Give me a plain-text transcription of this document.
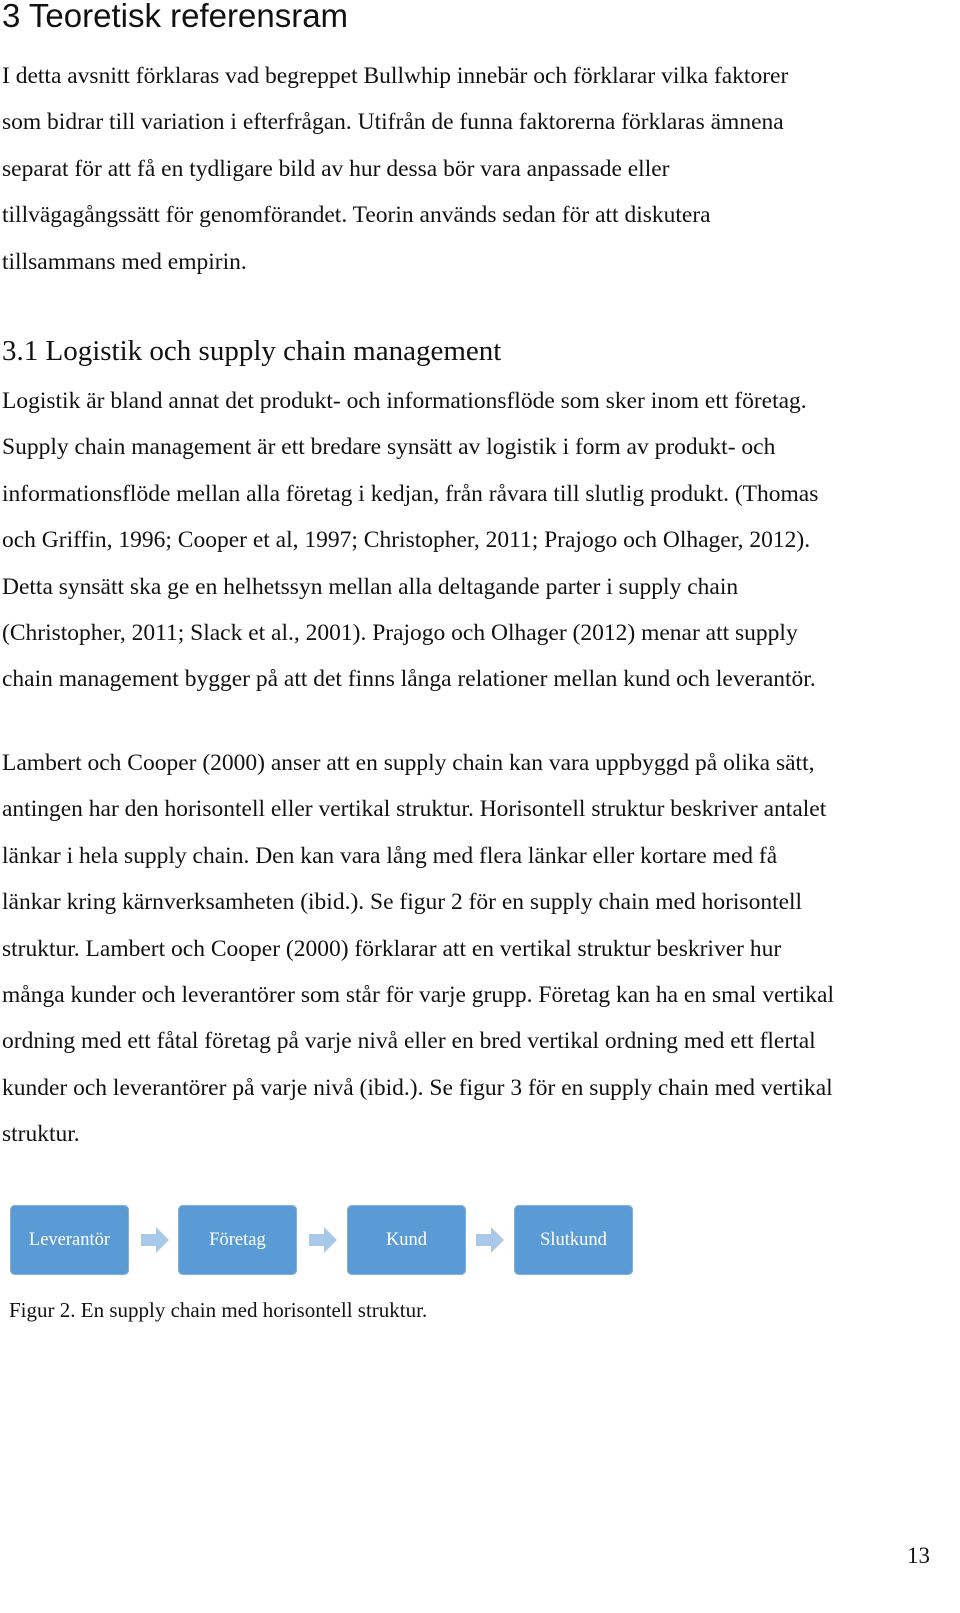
3 Teoretisk referensram

I detta avsnitt förklaras vad begreppet Bullwhip innebär och förklarar vilka faktorer
som bidrar till variation i efterfrågan. Utifrån de funna faktorerna förklaras ämnena
separat för att få en tydligare bild av hur dessa bör vara anpassade eller
tillvägagångssätt för genomförandet. Teorin används sedan för att diskutera
tillsammans med empirin.

3.1 Logistik och supply chain management

Logistik är bland annat det produkt- och informationsflöde som sker inom ett företag.
Supply chain management är ett bredare synsätt av logistik i form av produkt- och
informationsflöde mellan alla företag i kedjan, från råvara till slutlig produkt. (Thomas
och Griffin, 1996; Cooper et al, 1997; Christopher, 2011; Prajogo och Olhager, 2012).
Detta synsätt ska ge en helhetssyn mellan alla deltagande parter i supply chain
(Christopher, 2011; Slack et al., 2001). Prajogo och Olhager (2012) menar att supply
chain management bygger på att det finns långa relationer mellan kund och leverantör.

Lambert och Cooper (2000) anser att en supply chain kan vara uppbyggd på olika sätt,
antingen har den horisontell eller vertikal struktur. Horisontell struktur beskriver antalet
länkar i hela supply chain. Den kan vara lång med flera länkar eller kortare med få
länkar kring kärnverksamheten (ibid.). Se figur 2 för en supply chain med horisontell
struktur. Lambert och Cooper (2000) förklarar att en vertikal struktur beskriver hur
många kunder och leverantörer som står för varje grupp. Företag kan ha en smal vertikal
ordning med ett fåtal företag på varje nivå eller en bred vertikal ordning med ett flertal
kunder och leverantörer på varje nivå (ibid.). Se figur 3 för en supply chain med vertikal
struktur.

Leverantör	Företag	Kund	Slutkund

Figur 2. En supply chain med horisontell struktur.

13
